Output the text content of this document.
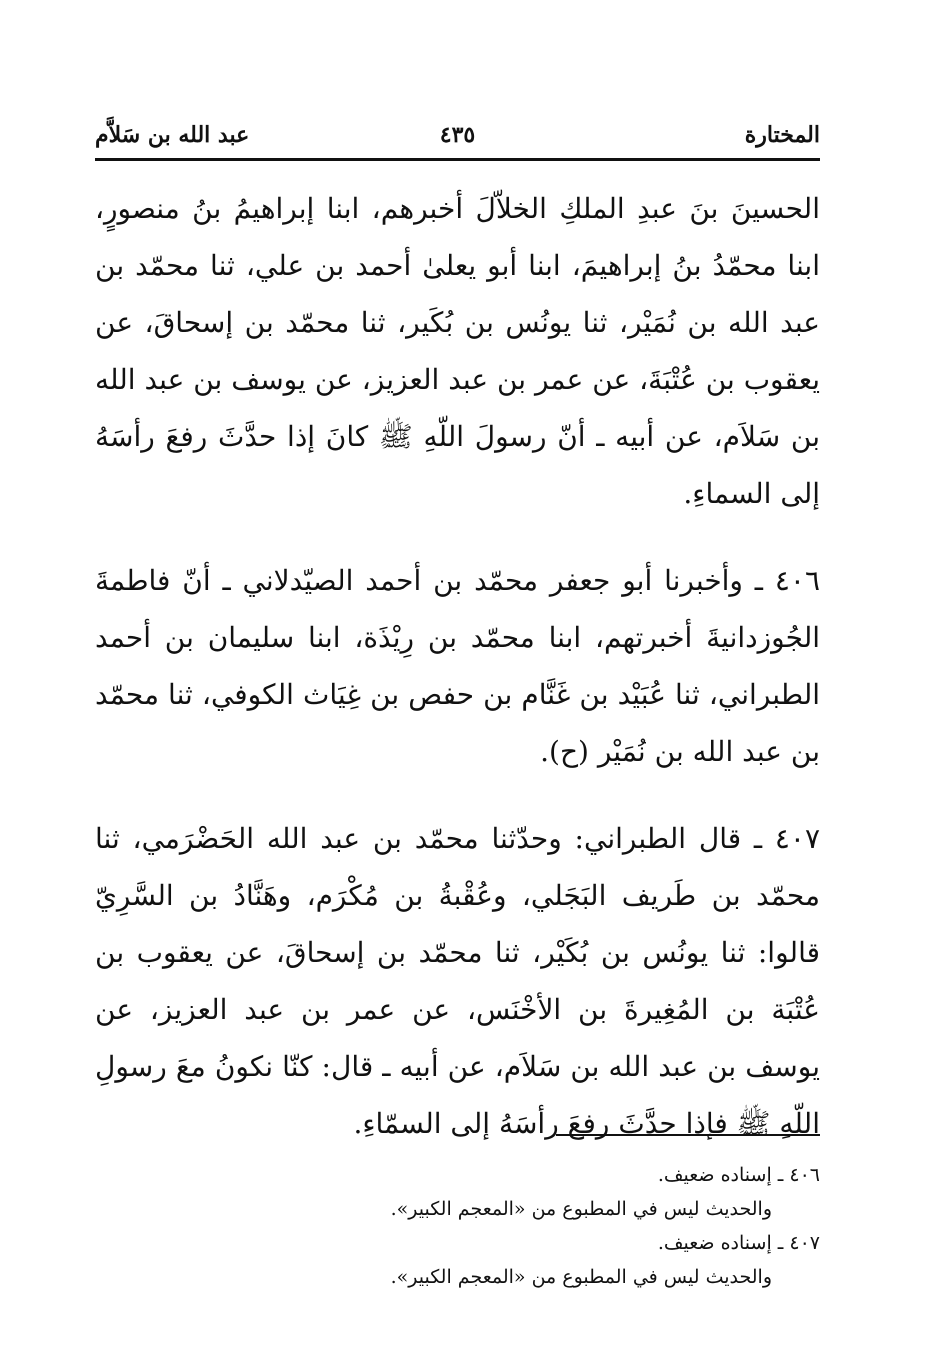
المختارة
٤٣٥
عبد الله بن سَلاَّم

الحسينَ بنَ عبدِ الملكِ الخلاّلَ أخبرهم، ابنا إبراهيمُ بنُ منصورٍ، ابنا محمّدُ بنُ إبراهيمَ، ابنا أبو يعلىٰ أحمد بن علي، ثنا محمّد بن عبد الله بن نُمَيْر، ثنا يونُس بن بُكَير، ثنا محمّد بن إسحاقَ، عن يعقوب بن عُتْبَةَ، عن عمر بن عبد العزيز، عن يوسف بن عبد الله بن سَلاَم، عن أبيه ـ أنّ رسولَ اللّهِ ﷺ كانَ إذا حدَّثَ رفعَ رأسَهُ إلى السماءِ.

٤٠٦ ـ وأخبرنا أبو جعفر محمّد بن أحمد الصيّدلاني ـ أنّ فاطمةَ الجُوزدانيةَ أخبرتهم، ابنا محمّد بن رِيْذَة، ابنا سليمان بن أحمد الطبراني، ثنا عُبَيْد بن غَنَّام بن حفص بن غِيَاث الكوفي، ثنا محمّد بن عبد الله بن نُمَيْر (ح).

٤٠٧ ـ قال الطبراني: وحدّثنا محمّد بن عبد الله الحَضْرَمي، ثنا محمّد بن طَريف البَجَلي، وعُقْبةُ بن مُكْرَم، وهَنَّادُ بن السَّرِيّ قالوا: ثنا يونُس بن بُكَيْر، ثنا محمّد بن إسحاقَ، عن يعقوب بن عُتْبَة بن المُغِيرةَ بن الأخْنَس، عن عمر بن عبد العزيز، عن يوسف بن عبد الله بن سَلاَم، عن أبيه ـ قال: كنّا نكونُ معَ رسولِ اللّهِ ﷺ فإذا حدَّثَ رفعَ رأسَهُ إلى السمّاءِ.

٤٠٦ ـ إسناده ضعيف.
والحديث ليس في المطبوع من «المعجم الكبير».
٤٠٧ ـ إسناده ضعيف.
والحديث ليس في المطبوع من «المعجم الكبير».
